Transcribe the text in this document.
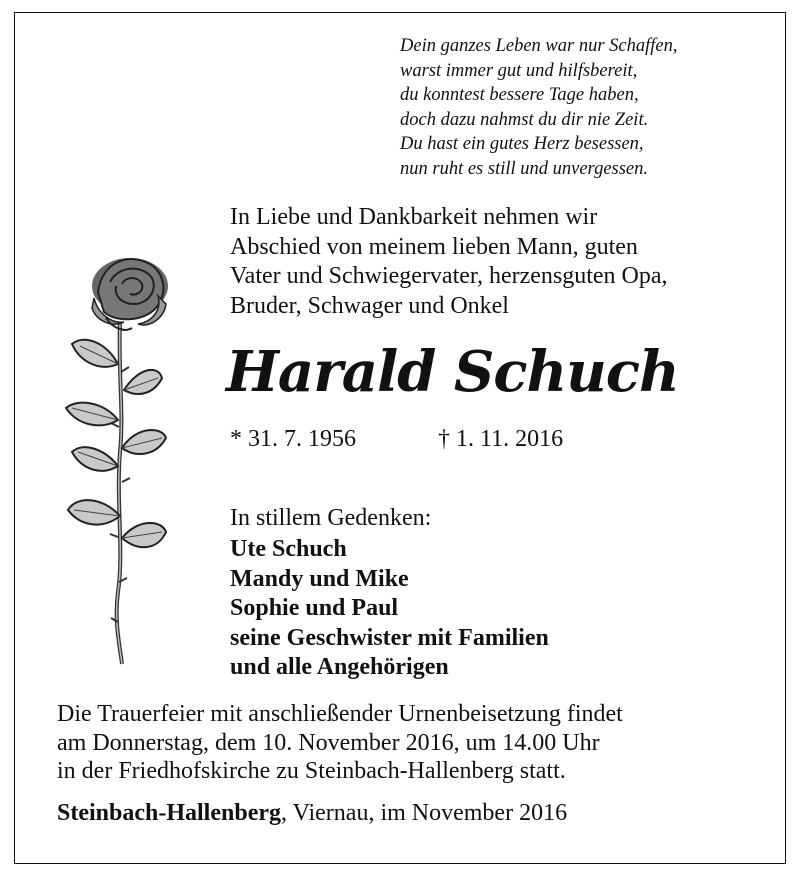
Dein ganzes Leben war nur Schaffen,
warst immer gut und hilfsbereit,
du konntest bessere Tage haben,
doch dazu nahmst du dir nie Zeit.
Du hast ein gutes Herz besessen,
nun ruht es still und unvergessen.
In Liebe und Dankbarkeit nehmen wir
Abschied von meinem lieben Mann, guten
Vater und Schwiegervater, herzensguten Opa,
Bruder, Schwager und Onkel
Harald Schuch
* 31. 7. 1956	† 1. 11. 2016
In stillem Gedenken:
Ute Schuch
Mandy und Mike
Sophie und Paul
seine Geschwister mit Familien
und alle Angehörigen
Die Trauerfeier mit anschließender Urnenbeisetzung findet
am Donnerstag, dem 10. November 2016, um 14.00 Uhr
in der Friedhofskirche zu Steinbach-Hallenberg statt.
Steinbach-Hallenberg, Viernau, im November 2016
